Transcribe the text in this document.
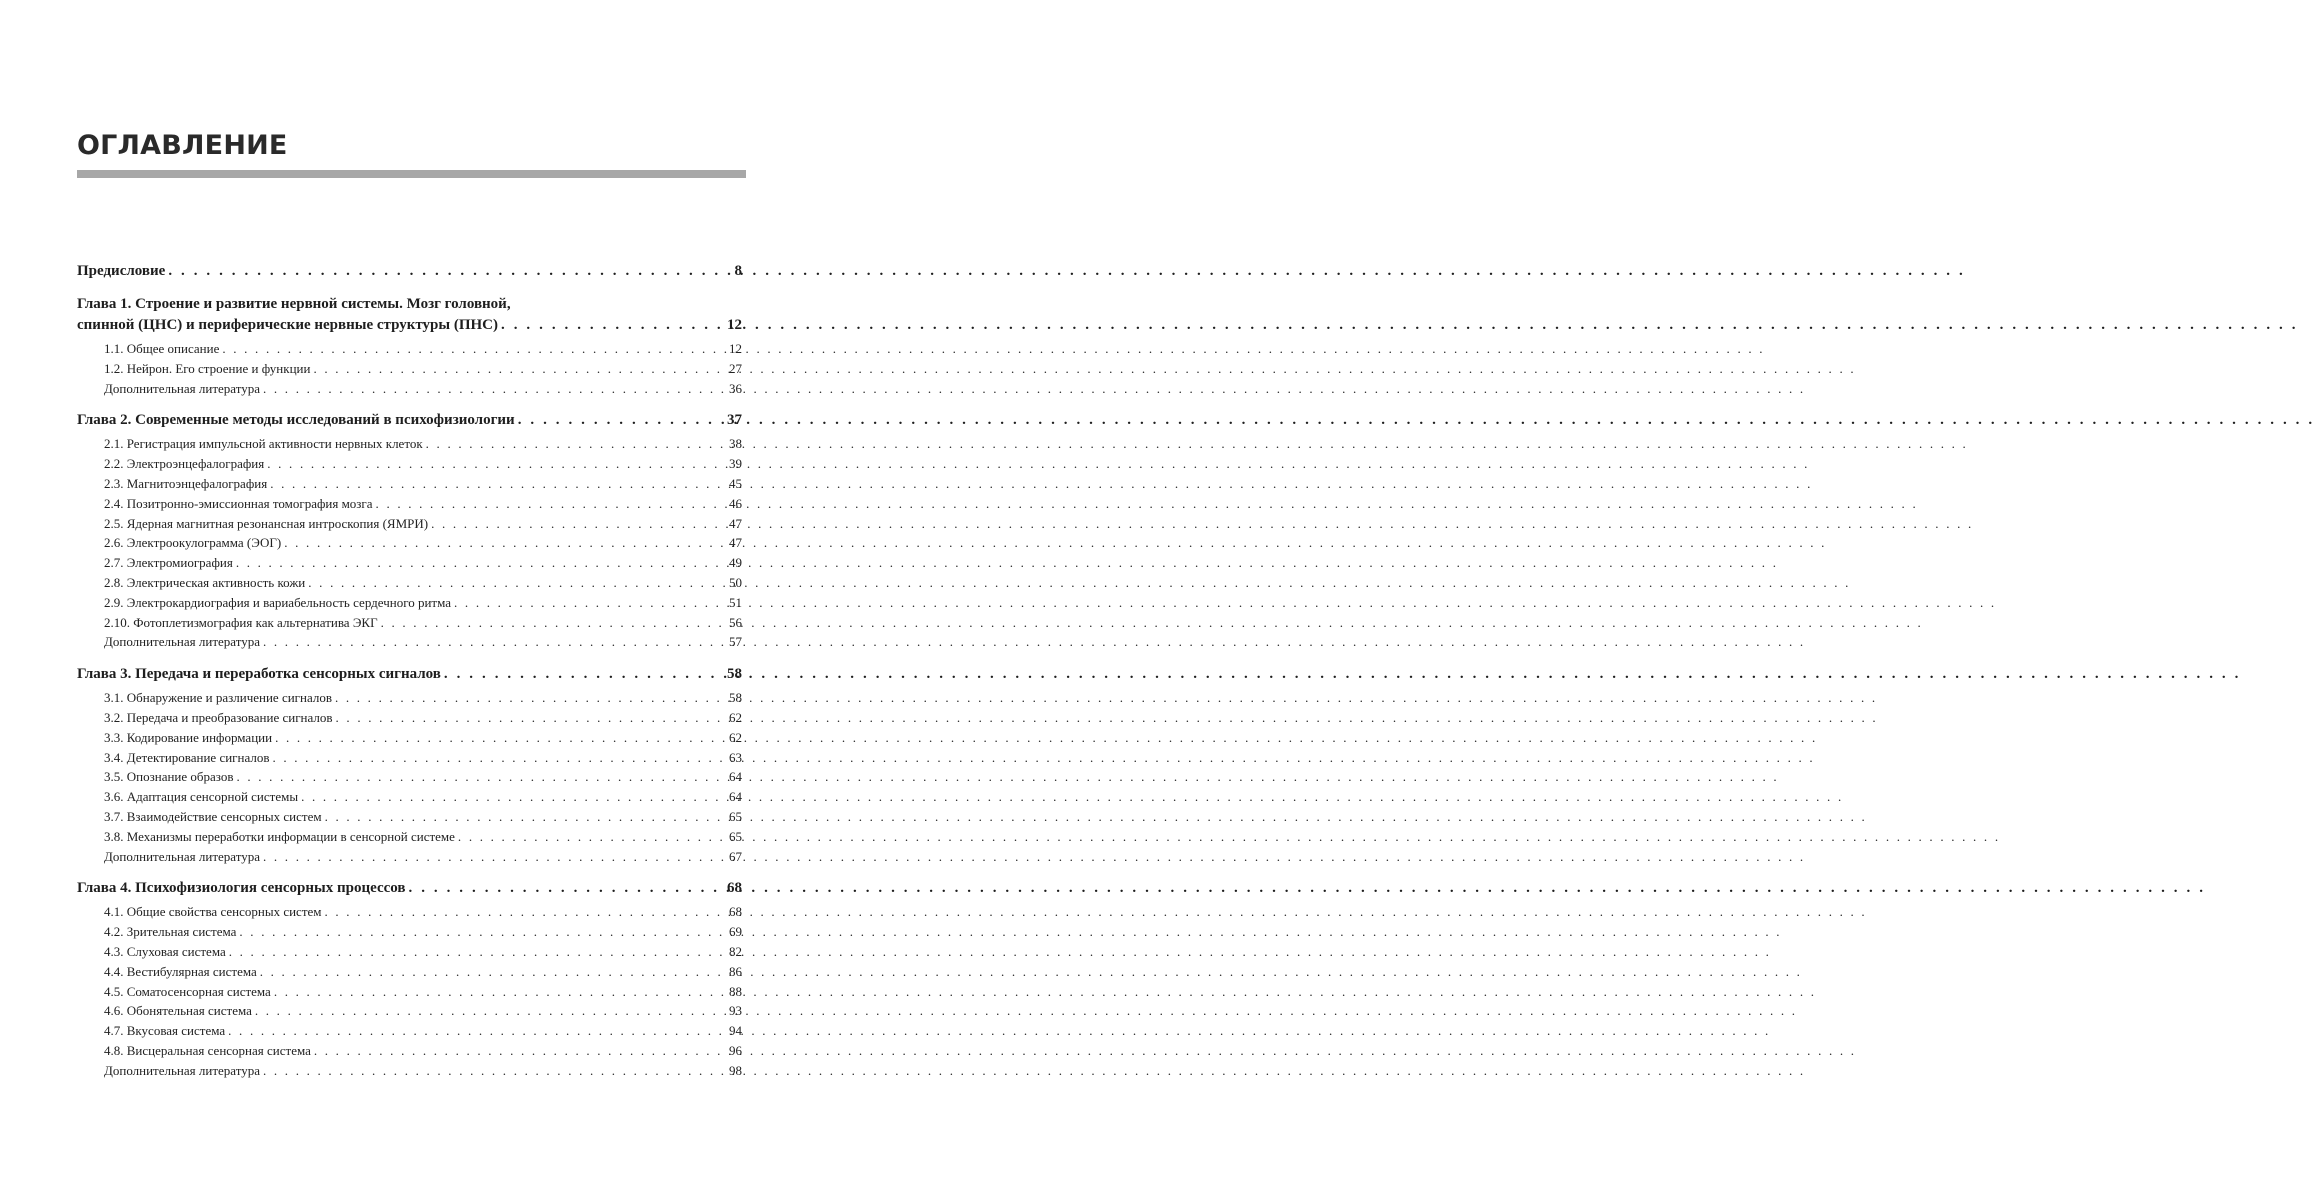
ОГЛАВЛЕНИЕ
Предисловие . . .	8
Глава 1. Строение и развитие нервной системы. Мозг головной,
спинной (ЦНС) и периферические нервные структуры (ПНС) . . .	12
1.1. Общее описание . . .	12
1.2. Нейрон. Его строение и функции . . .	27
Дополнительная литература . . .	36
Глава 2. Современные методы исследований в психофизиологии . . .	37
2.1. Регистрация импульсной активности нервных клеток . . .	38
2.2. Электроэнцефалография . . .	39
2.3. Магнитоэнцефалография . . .	45
2.4. Позитронно-эмиссионная томография мозга . . .	46
2.5. Ядерная магнитная резонансная интроскопия (ЯМРИ) . . .	47
2.6. Электроокулограмма (ЭОГ) . . .	47
2.7. Электромиография . . .	49
2.8. Электрическая активность кожи . . .	50
2.9. Электрокардиография и вариабельность сердечного ритма . . .	51
2.10. Фотоплетизмография как альтернатива ЭКГ . . .	56
Дополнительная литература . . .	57
Глава 3. Передача и переработка сенсорных сигналов . . .	58
3.1. Обнаружение и различение сигналов . . .	58
3.2. Передача и преобразование сигналов . . .	62
3.3. Кодирование информации . . .	62
3.4. Детектирование сигналов . . .	63
3.5. Опознание образов . . .	64
3.6. Адаптация сенсорной системы . . .	64
3.7. Взаимодействие сенсорных систем . . .	65
3.8. Механизмы переработки информации в сенсорной системе . . .	65
Дополнительная литература . . .	67
Глава 4. Психофизиология сенсорных процессов . . .	68
4.1. Общие свойства сенсорных систем . . .	68
4.2. Зрительная система . . .	69
4.3. Слуховая система . . .	82
4.4. Вестибулярная система . . .	86
4.5. Соматосенсорная система . . .	88
4.6. Обонятельная система . . .	93
4.7. Вкусовая система . . .	94
4.8. Висцеральная сенсорная система . . .	96
Дополнительная литература . . .	98
